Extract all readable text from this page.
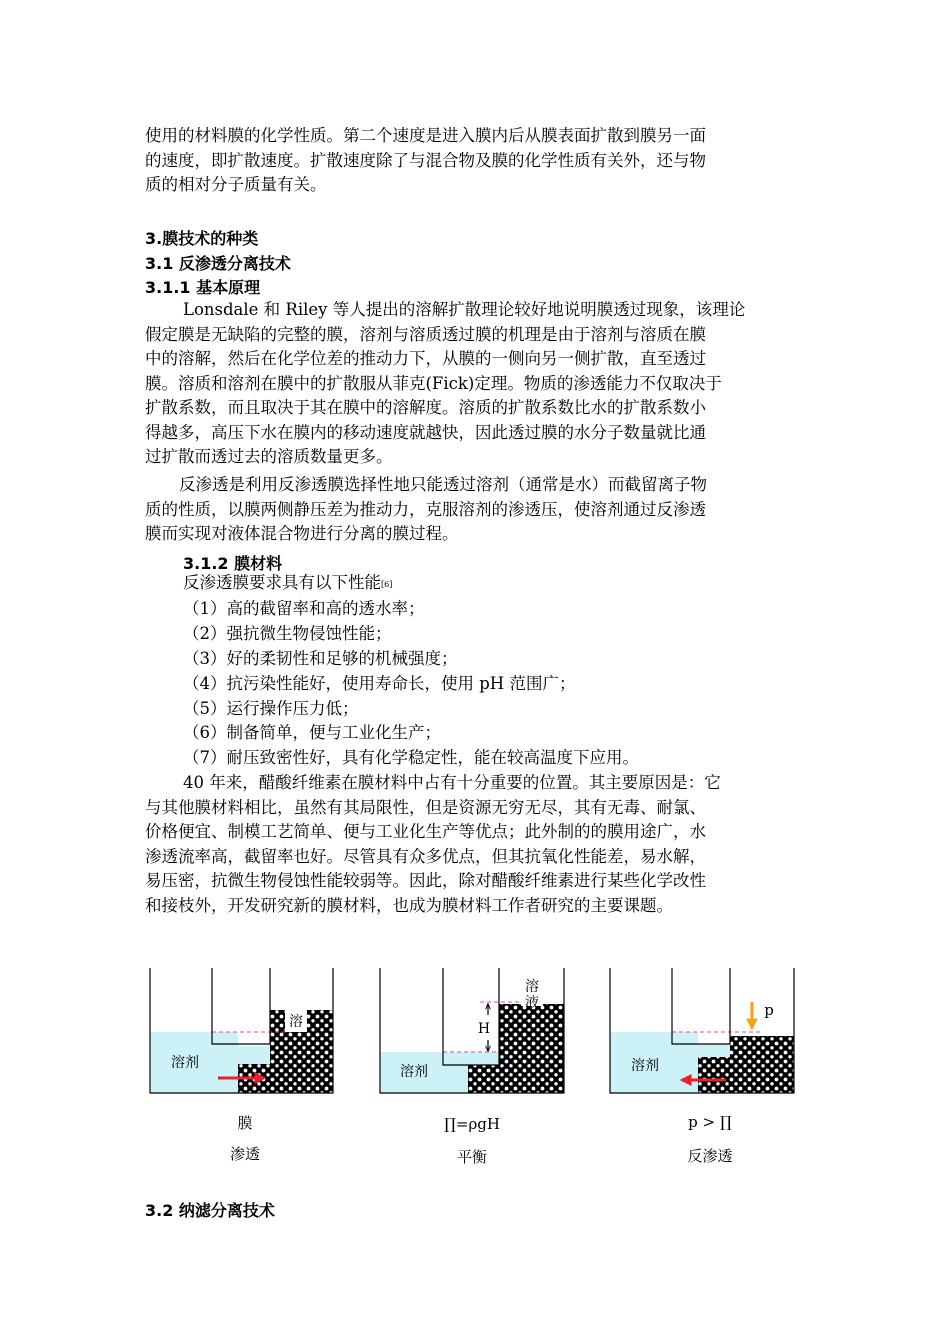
使用的材料膜的化学性质。第二个速度是进入膜内后从膜表面扩散到膜另一面
的速度，即扩散速度。扩散速度除了与混合物及膜的化学性质有关外，还与物
质的相对分子质量有关。

3.膜技术的种类
3.1 反渗透分离技术
3.1.1 基本原理

Lonsdale 和 Riley 等人提出的溶解扩散理论较好地说明膜透过现象，该理论
假定膜是无缺陷的完整的膜，溶剂与溶质透过膜的机理是由于溶剂与溶质在膜
中的溶解，然后在化学位差的推动力下，从膜的一侧向另一侧扩散，直至透过
膜。溶质和溶剂在膜中的扩散服从菲克(Fick)定理。物质的渗透能力不仅取决于
扩散系数，而且取决于其在膜中的溶解度。溶质的扩散系数比水的扩散系数小
得越多，高压下水在膜内的移动速度就越快，因此透过膜的水分子数量就比通
过扩散而透过去的溶质数量更多。

反渗透是利用反渗透膜选择性地只能透过溶剂（通常是水）而截留离子物
质的性质，以膜两侧静压差为推动力，克服溶剂的渗透压，使溶剂通过反渗透
膜而实现对液体混合物进行分离的膜过程。

3.1.2 膜材料

反渗透膜要求具有以下性能[6]

（1）高的截留率和高的透水率；

（2）强抗微生物侵蚀性能；

（3）好的柔韧性和足够的机械强度；

（4）抗污染性能好，使用寿命长，使用 pH 范围广；

（5）运行操作压力低；

（6）制备简单，便与工业化生产；

（7）耐压致密性好，具有化学稳定性，能在较高温度下应用。

40 年来，醋酸纤维素在膜材料中占有十分重要的位置。其主要原因是：它
与其他膜材料相比，虽然有其局限性，但是资源无穷无尽，其有无毒、耐氯、
价格便宜、制模工艺简单、便与工业化生产等优点；此外制的的膜用途广，水
渗透流率高，截留率也好。尽管具有众多优点，但其抗氧化性能差，易水解，
易压密，抗微生物侵蚀性能较弱等。因此，除对醋酸纤维素进行某些化学改性
和接枝外，开发研究新的膜材料，也成为膜材料工作者研究的主要课题。

溶
溶剂
H
溶
液
溶剂
p
溶剂
膜
渗透
∏=ρgH
平衡
p > ∏
反渗透
3.2 纳滤分离技术
